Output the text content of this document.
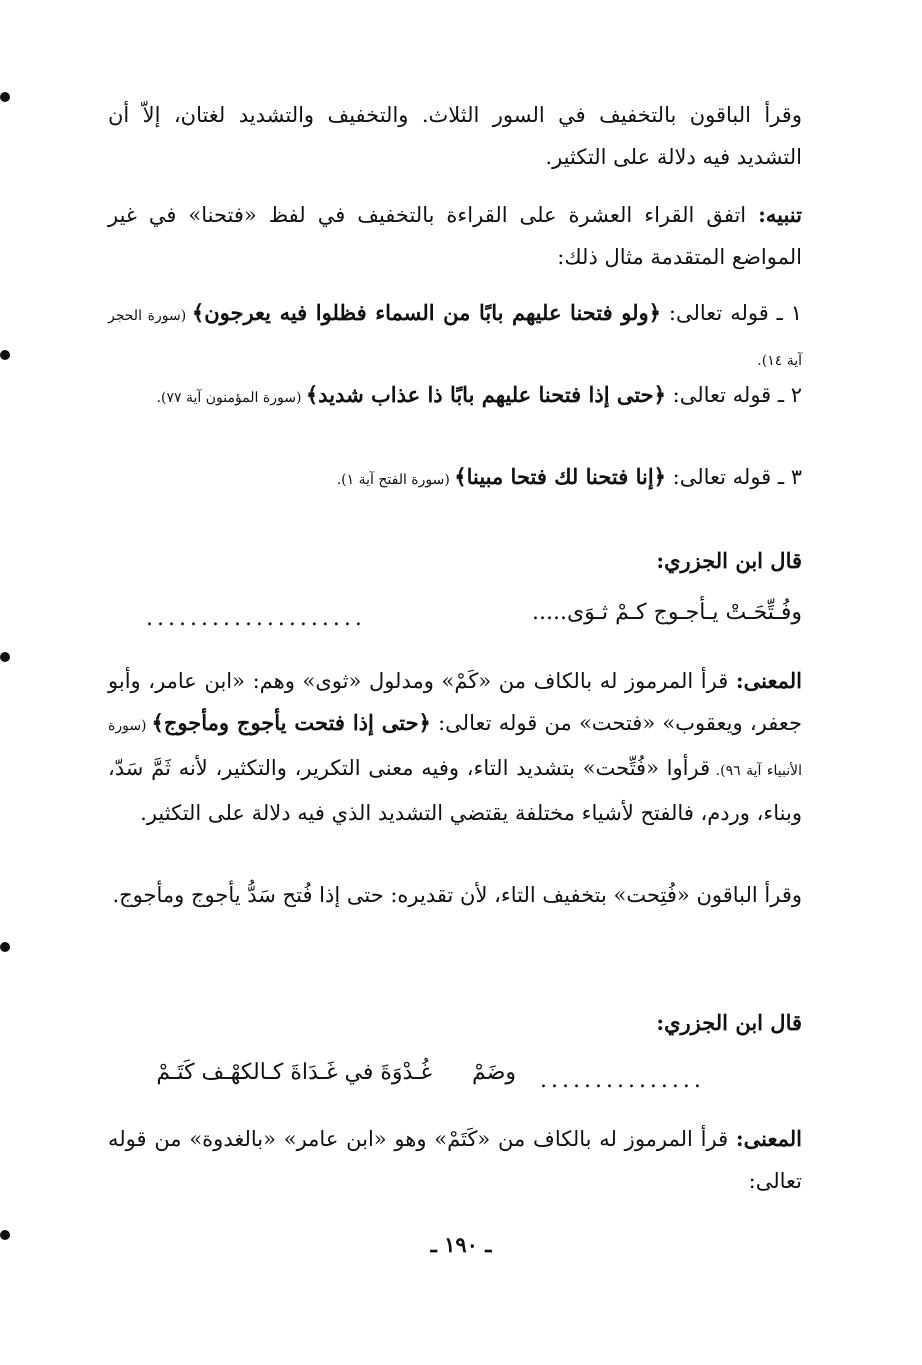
وقرأ الباقون بالتخفيف في السور الثلاث. والتخفيف والتشديد لغتان، إلاّ أن التشديد فيه دلالة على التكثير.

تنبيه: اتفق القراء العشرة على القراءة بالتخفيف في لفظ «فتحنا» في غير المواضع المتقدمة مثال ذلك:

١ ـ قوله تعالى: ﴿ولو فتحنا عليهم بابًا من السماء فظلوا فيه يعرجون﴾ (سورة الحجر آية ١٤).

٢ ـ قوله تعالى: ﴿حتى إذا فتحنا عليهم بابًا ذا عذاب شديد﴾ (سورة المؤمنون آية ٧٧).

٣ ـ قوله تعالى: ﴿إنا فتحنا لك فتحا مبينا﴾ (سورة الفتح آية ١).

قال ابن الجزري:
وفُـتِّحَـتْ يـأجـوج كـمْ ثـوَى.....
....................

المعنى: قرأ المرموز له بالكاف من «كَمْ» ومدلول «ثوى» وهم: «ابن عامر، وأبو جعفر، ويعقوب» «فتحت» من قوله تعالى: ﴿حتى إذا فتحت يأجوج ومأجوج﴾ (سورة الأنبياء آية ٩٦). قرأوا «فُتِّحت» بتشديد التاء، وفيه معنى التكرير، والتكثير، لأنه ثَمَّ سَدّ، وبناء، وردم، فالفتح لأشياء مختلفة يقتضي التشديد الذي فيه دلالة على التكثير.

وقرأ الباقون «فُتِحت» بتخفيف التاء، لأن تقديره: حتى إذا فُتح سَدُّ يأجوج ومأجوج.

قال ابن الجزري:
...............
وضَمْ
غُـدْوَةَ في غَـدَاةَ كـالكهْـف كَتَـمْ

المعنى: قرأ المرموز له بالكاف من «كَتَمْ» وهو «ابن عامر» «بالغدوة» من قوله تعالى:

ـ ١٩٠ ـ
